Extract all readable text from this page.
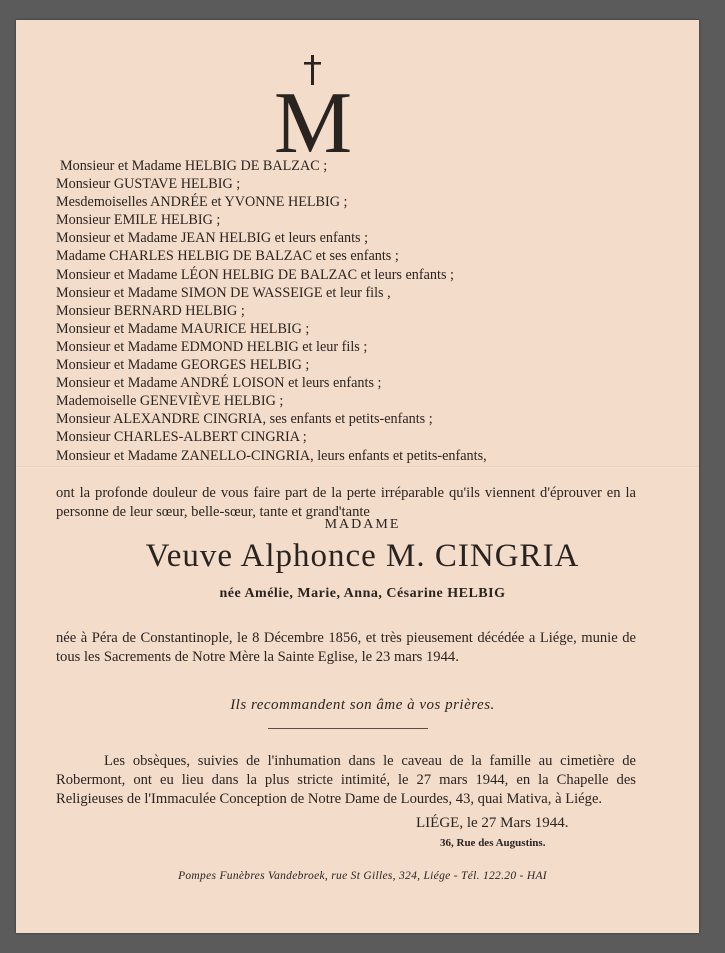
M
Monsieur et Madame HELBIG DE BALZAC ;
Monsieur GUSTAVE HELBIG ;
Mesdemoiselles ANDRÉE et YVONNE HELBIG ;
Monsieur EMILE HELBIG ;
Monsieur et Madame JEAN HELBIG et leurs enfants ;
Madame CHARLES HELBIG DE BALZAC et ses enfants ;
Monsieur et Madame LÉON HELBIG DE BALZAC et leurs enfants ;
Monsieur et Madame SIMON DE WASSEIGE et leur fils ,
Monsieur BERNARD HELBIG ;
Monsieur et Madame MAURICE HELBIG ;
Monsieur et Madame EDMOND HELBIG et leur fils ;
Monsieur et Madame GEORGES HELBIG ;
Monsieur et Madame ANDRÉ LOISON et leurs enfants ;
Mademoiselle GENEVIÈVE HELBIG ;
Monsieur ALEXANDRE CINGRIA, ses enfants et petits-enfants ;
Monsieur CHARLES-ALBERT CINGRIA ;
Monsieur et Madame ZANELLO-CINGRIA, leurs enfants et petits-enfants,
ont la profonde douleur de vous faire part de la perte irréparable qu'ils viennent d'éprouver en la personne de leur sœur, belle-sœur, tante et grand'tante
MADAME
Veuve Alphonce M. CINGRIA
née Amélie, Marie, Anna, Césarine HELBIG
née à Péra de Constantinople, le 8 Décembre 1856, et très pieusement décédée a Liége, munie de tous les Sacrements de Notre Mère la Sainte Eglise, le 23 mars 1944.
Ils recommandent son âme à vos prières.
Les obsèques, suivies de l'inhumation dans le caveau de la famille au cimetière de Robermont, ont eu lieu dans la plus stricte intimité, le 27 mars 1944, en la Chapelle des Religieuses de l'Immaculée Conception de Notre Dame de Lourdes, 43, quai Mativa, à Liége.
LIÉGE, le 27 Mars 1944.
36, Rue des Augustins.
Pompes Funèbres Vandebroek, rue St Gilles, 324, Liége - Tél. 122.20 - HAI
